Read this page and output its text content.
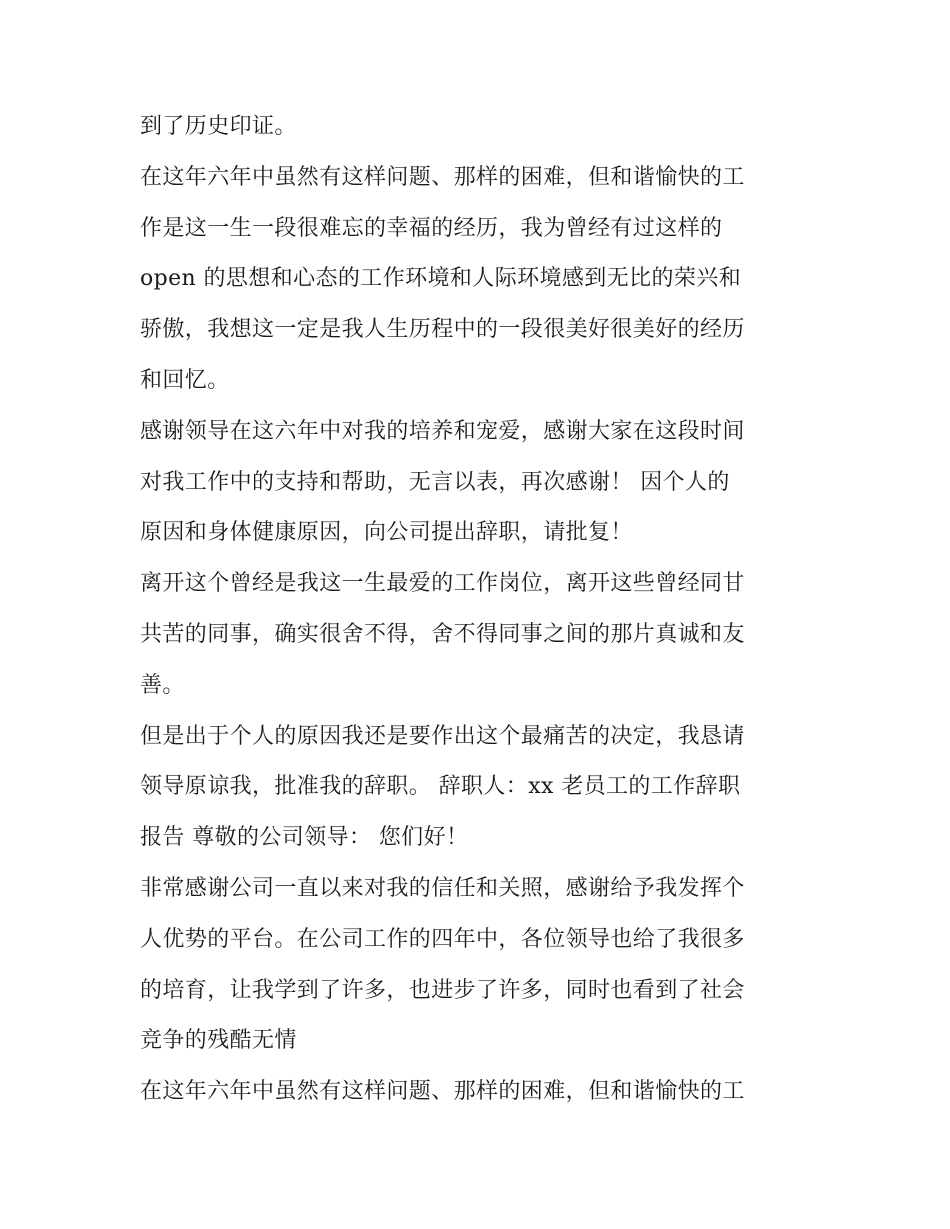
到了历史印证。

在这年六年中虽然有这样问题、那样的困难，但和谐愉快的工
作是这一生一段很难忘的幸福的经历，我为曾经有过这样的
open 的思想和心态的工作环境和人际环境感到无比的荣兴和
骄傲，我想这一定是我人生历程中的一段很美好很美好的经历
和回忆。

感谢领导在这六年中对我的培养和宠爱，感谢大家在这段时间
对我工作中的支持和帮助，无言以表，再次感谢！ 因个人的
原因和身体健康原因，向公司提出辞职，请批复！

离开这个曾经是我这一生最爱的工作岗位，离开这些曾经同甘
共苦的同事，确实很舍不得，舍不得同事之间的那片真诚和友
善。

但是出于个人的原因我还是要作出这个最痛苦的决定，我恳请
领导原谅我，批准我的辞职。 辞职人：xx 老员工的工作辞职
报告 尊敬的公司领导： 您们好！

非常感谢公司一直以来对我的信任和关照，感谢给予我发挥个
人优势的平台。在公司工作的四年中，各位领导也给了我很多
的培育，让我学到了许多，也进步了许多，同时也看到了社会
竞争的残酷无情

在这年六年中虽然有这样问题、那样的困难，但和谐愉快的工
